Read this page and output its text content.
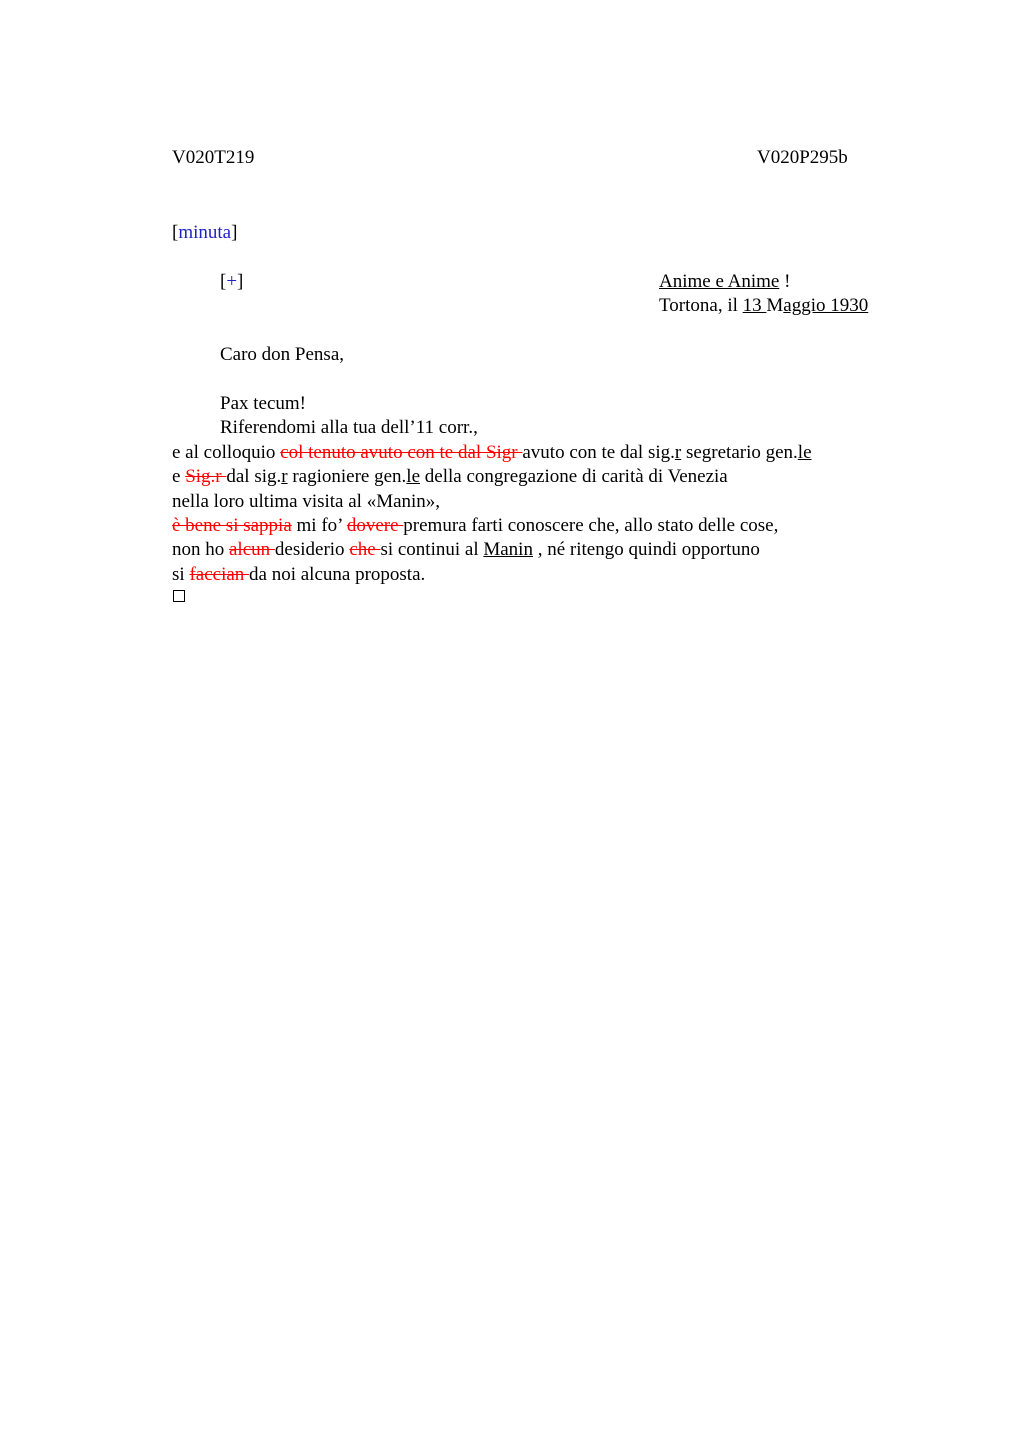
V020T219	V020P295b
[minuta]
[+]	Anime e Anime !
Tortona, il 13 Maggio 1930
Caro don Pensa,
Pax tecum!
Riferendomi alla tua dell’11 corr.,
e al colloquio col tenuto avuto con te dal Sigr avuto con te dal sig.r segretario gen.le
e Sig.r dal sig.r ragioniere gen.le della congregazione di carità di Venezia
nella loro ultima visita al «Manin»,
è bene si sappia mi fo’ dovere premura farti conoscere che, allo stato delle cose,
non ho alcun desiderio che si continui al Manin , né ritengo quindi opportuno
si faccian da noi alcuna proposta.
